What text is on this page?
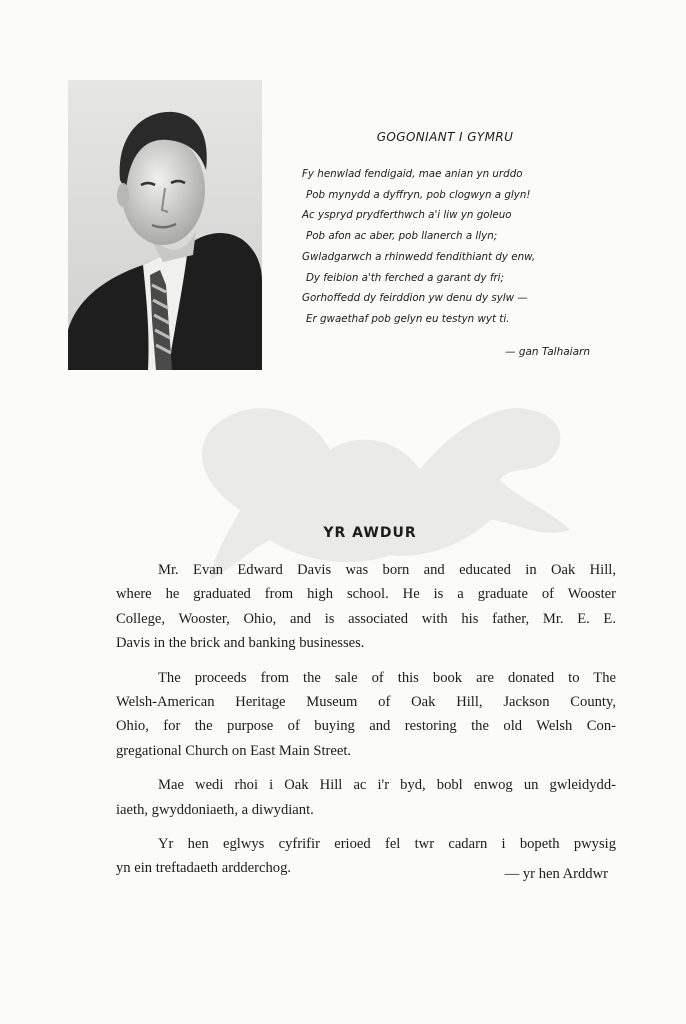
GOGONIANT I GYMRU
Fy henwlad fendigaid, mae anian yn urddo
Pob mynydd a dyffryn, pob clogwyn a glyn!
Ac yspryd prydferthwch a'i liw yn goleuo
Pob afon ac aber, pob llanerch a llyn;
Gwladgarwch a rhinwedd fendithiant dy enw,
Dy feibion a'th ferched a garant dy fri;
Gorhoffedd dy feirddion yw denu dy sylw —
Er gwaethaf pob gelyn eu testyn wyt ti.
— gan Talhaiarn
YR AWDUR

Mr. Evan Edward Davis was born and educated in Oak Hill,
where he graduated from high school. He is a graduate of Wooster
College, Wooster, Ohio, and is associated with his father, Mr. E. E.
Davis in the brick and banking businesses.

The proceeds from the sale of this book are donated to The
Welsh-American Heritage Museum of Oak Hill, Jackson County,
Ohio, for the purpose of buying and restoring the old Welsh Con-
gregational Church on East Main Street.

Mae wedi rhoi i Oak Hill ac i'r byd, bobl enwog un gwleidydd-
iaeth, gwyddoniaeth, a diwydiant.

Yr hen eglwys cyfrifir erioed fel twr cadarn i bopeth pwysig
yn ein treftadaeth ardderchog.	— yr hen Arddwr
